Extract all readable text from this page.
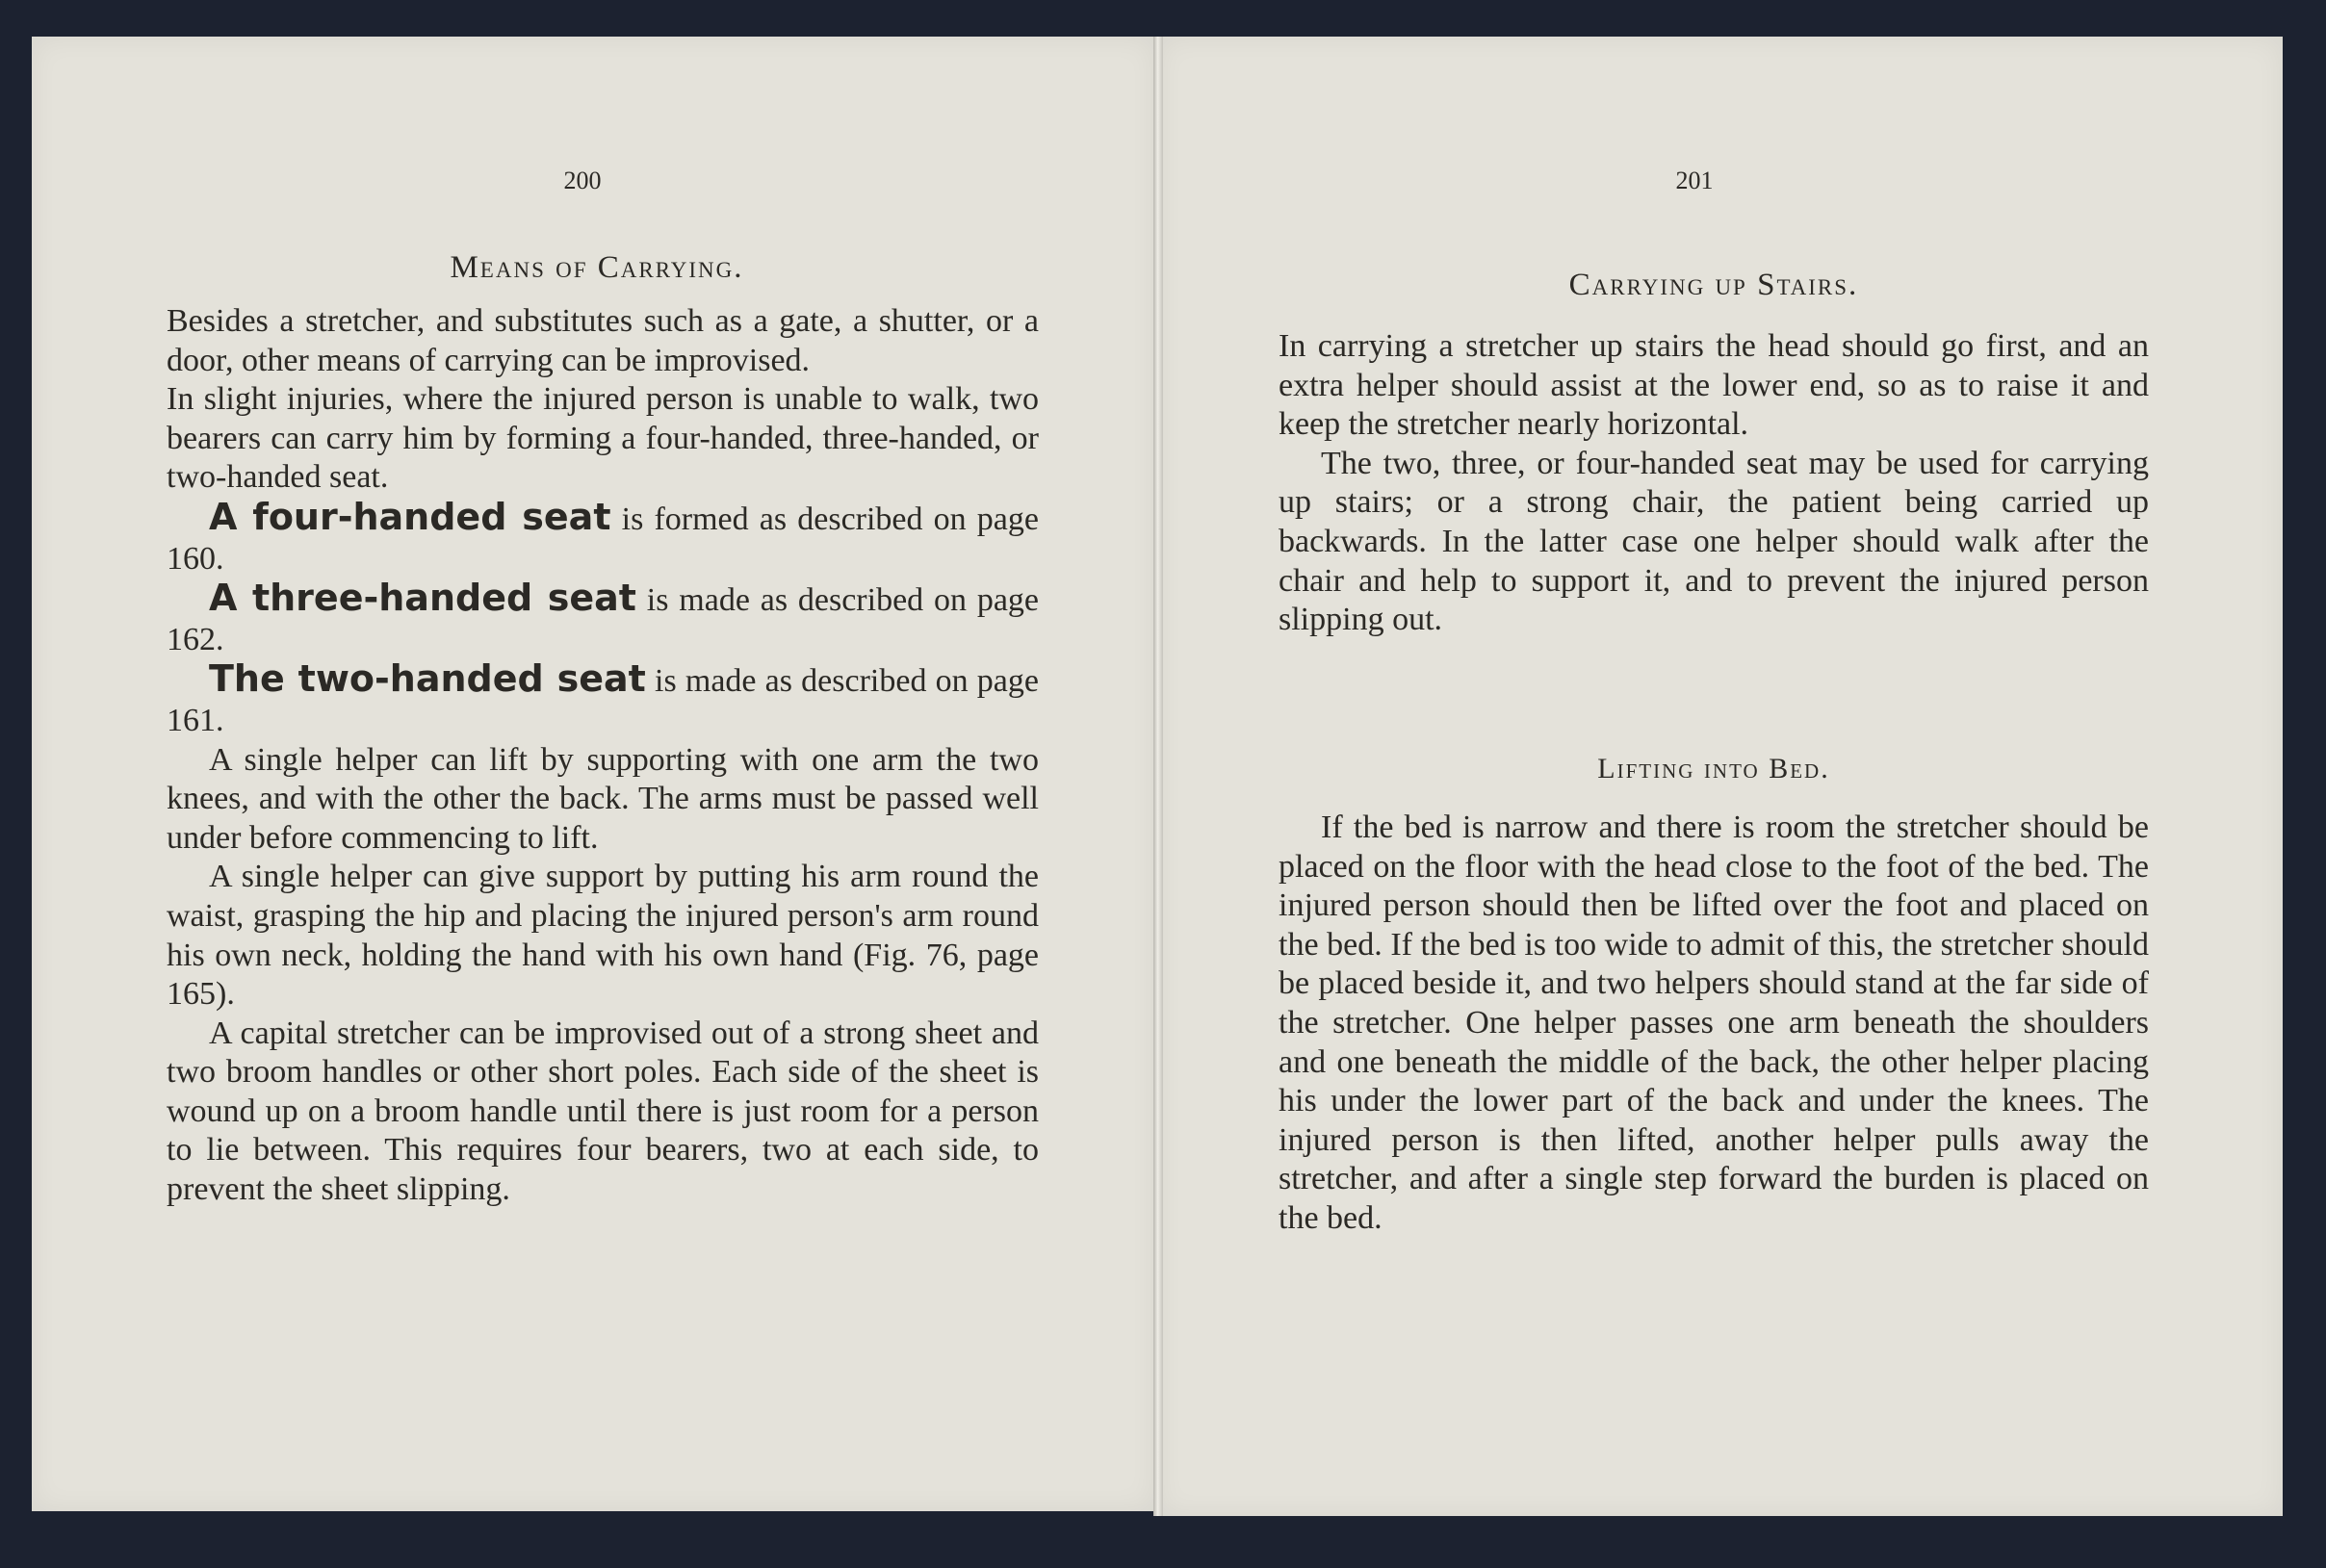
200
Means of Carrying.

Besides a stretcher, and substitutes such as a gate, a shutter, or a door, other means of carrying can be improvised.

In slight injuries, where the injured person is unable to walk, two bearers can carry him by forming a four-handed, three-handed, or two-handed seat.

A four-handed seat is formed as described on page 160.

A three-handed seat is made as described on page 162.

The two-handed seat is made as described on page 161.

A single helper can lift by supporting with one arm the two knees, and with the other the back. The arms must be passed well under before commencing to lift.

A single helper can give support by putting his arm round the waist, grasping the hip and placing the injured person's arm round his own neck, holding the hand with his own hand (Fig. 76, page 165).

A capital stretcher can be improvised out of a strong sheet and two broom handles or other short poles. Each side of the sheet is wound up on a broom handle until there is just room for a person to lie between. This requires four bearers, two at each side, to prevent the sheet slipping.

201
Carrying up Stairs.

In carrying a stretcher up stairs the head should go first, and an extra helper should assist at the lower end, so as to raise it and keep the stretcher nearly horizontal.

The two, three, or four-handed seat may be used for carrying up stairs; or a strong chair, the patient being carried up backwards. In the latter case one helper should walk after the chair and help to support it, and to prevent the injured person slipping out.

Lifting into Bed.

If the bed is narrow and there is room the stretcher should be placed on the floor with the head close to the foot of the bed. The injured person should then be lifted over the foot and placed on the bed. If the bed is too wide to admit of this, the stretcher should be placed beside it, and two helpers should stand at the far side of the stretcher. One helper passes one arm beneath the shoulders and one beneath the middle of the back, the other helper placing his under the lower part of the back and under the knees. The injured person is then lifted, another helper pulls away the stretcher, and after a single step forward the burden is placed on the bed.
